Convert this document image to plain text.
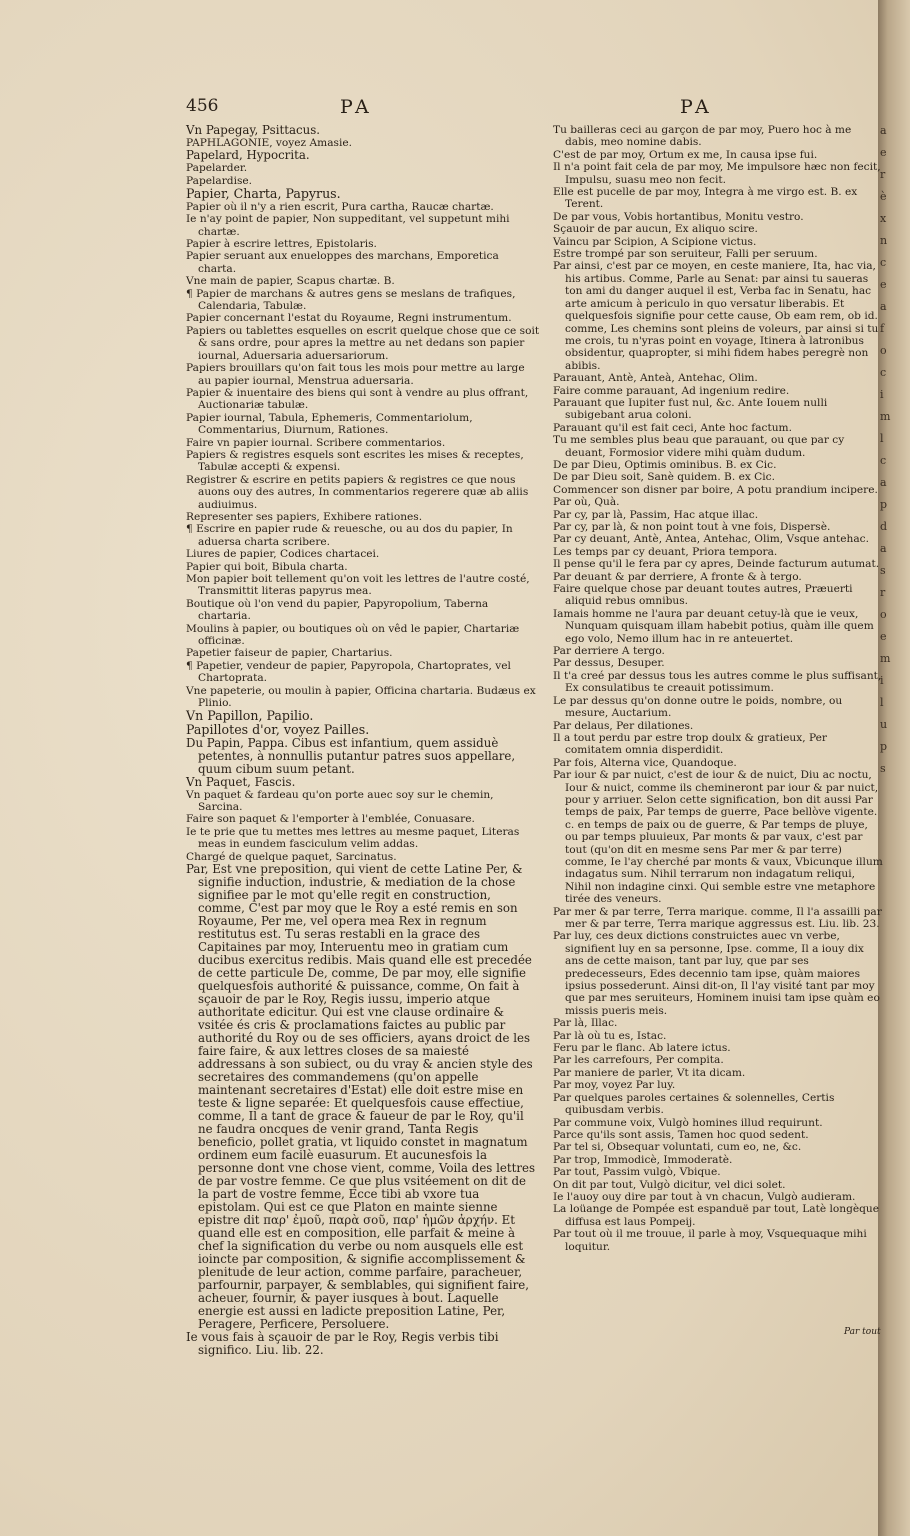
a
e
r
è
x
n
c
e
a
f
o
c
i
m
l
c
a
p
d
a
s
r
o
e
m
i
l
u
p
s
456	PA	PA

Vn Papegay, Psittacus.

PAPHLAGONIE, voyez Amasie.

Papelard, Hypocrita.

Papelarder.

Papelardise.

Papier, Charta, Papyrus.

Papier où il n'y a rien escrit, Pura cartha, Raucæ chartæ.

Ie n'ay point de papier, Non suppeditant, vel suppetunt mihi chartæ.

Papier à escrire lettres, Epistolaris.

Papier seruant aux enueloppes des marchans, Emporetica charta.

Vne main de papier, Scapus chartæ. B.

¶ Papier de marchans & autres gens se meslans de trafiques, Calendaria, Tabulæ.

Papier concernant l'estat du Royaume, Regni instrumentum.

Papiers ou tablettes esquelles on escrit quelque chose que ce soit & sans ordre, pour apres la mettre au net dedans son papier iournal, Aduersaria aduersariorum.

Papiers brouillars qu'on fait tous les mois pour mettre au large au papier iournal, Menstrua aduersaria.

Papier & inuentaire des biens qui sont à vendre au plus offrant, Auctionariæ tabulæ.

Papier iournal, Tabula, Ephemeris, Commentariolum, Commentarius, Diurnum, Rationes.

Faire vn papier iournal. Scribere commentarios.

Papiers & registres esquels sont escrites les mises & receptes, Tabulæ accepti & expensi.

Registrer & escrire en petits papiers & registres ce que nous auons ouy des autres, In commentarios regerere quæ ab aliis audiuimus.

Representer ses papiers, Exhibere rationes.

¶ Escrire en papier rude & reuesche, ou au dos du papier, In aduersa charta scribere.

Liures de papier, Codices chartacei.

Papier qui boit, Bibula charta.

Mon papier boit tellement qu'on voit les lettres de l'autre costé, Transmittit literas papyrus mea.

Boutique où l'on vend du papier, Papyropolium, Taberna chartaria.

Moulins à papier, ou boutiques où on vêd le papier, Chartariæ officinæ.

Papetier faiseur de papier, Chartarius.

¶ Papetier, vendeur de papier, Papyropola, Chartoprates, vel Chartoprata.

Vne papeterie, ou moulin à papier, Officina chartaria. Budæus ex Plinio.

Vn Papillon, Papilio.

Papillotes d'or, voyez Pailles.

Du Papin, Pappa. Cibus est infantium, quem assiduè petentes, à nonnullis putantur patres suos appellare, quum cibum suum petant.

Vn Paquet, Fascis.

Vn paquet & fardeau qu'on porte auec soy sur le chemin, Sarcina.

Faire son paquet & l'emporter à l'emblée, Conuasare.

Ie te prie que tu mettes mes lettres au mesme paquet, Literas meas in eundem fasciculum velim addas.

Chargé de quelque paquet, Sarcinatus.

Par, Est vne preposition, qui vient de cette Latine Per, & signifie induction, industrie, & mediation de la chose signifiee par le mot qu'elle regit en construction, comme, C'est par moy que le Roy a esté remis en son Royaume, Per me, vel opera mea Rex in regnum restitutus est. Tu seras restabli en la grace des Capitaines par moy, Interuentu meo in gratiam cum ducibus exercitus redibis. Mais quand elle est precedée de cette particule De, comme, De par moy, elle signifie quelquesfois authorité & puissance, comme, On fait à sçauoir de par le Roy, Regis iussu, imperio atque authoritate edicitur. Qui est vne clause ordinaire & vsitée és cris & proclamations faictes au public par authorité du Roy ou de ses officiers, ayans droict de les faire faire, & aux lettres closes de sa maiesté addressans à son subiect, ou du vray & ancien style des secretaires des commandemens (qu'on appelle maintenant secretaires d'Estat) elle doit estre mise en teste & ligne separée: Et quelquesfois cause effectiue, comme, Il a tant de grace & faueur de par le Roy, qu'il ne faudra oncques de venir grand, Tanta Regis beneficio, pollet gratia, vt liquido constet in magnatum ordinem eum facilè euasurum. Et aucunesfois la personne dont vne chose vient, comme, Voila des lettres de par vostre femme. Ce que plus vsitéement on dit de la part de vostre femme, Ecce tibi ab vxore tua epistolam. Qui est ce que Platon en mainte sienne epistre dit παρ' ἐμοῦ, παρὰ σοῦ, παρ' ἡμῶν ἀρχήν. Et quand elle est en composition, elle parfait & meine à chef la signification du verbe ou nom ausquels elle est ioincte par composition, & signifie accomplissement & plenitude de leur action, comme parfaire, paracheuer, parfournir, parpayer, & semblables, qui signifient faire, acheuer, fournir, & payer iusques à bout. Laquelle energie est aussi en ladicte preposition Latine, Per, Peragere, Perficere, Persoluere.

Ie vous fais à sçauoir de par le Roy, Regis verbis tibi significo. Liu. lib. 22.

Tu bailleras ceci au garçon de par moy, Puero hoc à me dabis, meo nomine dabis.

C'est de par moy, Ortum ex me, In causa ipse fui.

Il n'a point fait cela de par moy, Me impulsore hæc non fecit, Impulsu, suasu meo non fecit.

Elle est pucelle de par moy, Integra à me virgo est. B. ex Terent.

De par vous, Vobis hortantibus, Monitu vestro.

Sçauoir de par aucun, Ex aliquo scire.

Vaincu par Scipion, A Scipione victus.

Estre trompé par son seruiteur, Falli per seruum.

Par ainsi, c'est par ce moyen, en ceste maniere, Ita, hac via, his artibus. Comme, Parle au Senat: par ainsi tu saueras ton ami du danger auquel il est, Verba fac in Senatu, hac arte amicum à periculo in quo versatur liberabis. Et quelquesfois signifie pour cette cause, Ob eam rem, ob id. comme, Les chemins sont pleins de voleurs, par ainsi si tu me crois, tu n'yras point en voyage, Itinera à latronibus obsidentur, quapropter, si mihi fidem habes peregrè non abibis.

Parauant, Antè, Anteà, Antehac, Olim.

Faire comme parauant, Ad ingenium redire.

Parauant que Iupiter fust nul, &c. Ante Iouem nulli subigebant arua coloni.

Parauant qu'il est fait ceci, Ante hoc factum.

Tu me sembles plus beau que parauant, ou que par cy deuant, Formosior videre mihi quàm dudum.

De par Dieu, Optimis ominibus. B. ex Cic.

De par Dieu soit, Sanè quidem. B. ex Cic.

Commencer son disner par boire, A potu prandium incipere.

Par où, Quà.

Par cy, par là, Passim, Hac atque illac.

Par cy, par là, & non point tout à vne fois, Dispersè.

Par cy deuant, Antè, Antea, Antehac, Olim, Vsque antehac.

Les temps par cy deuant, Priora tempora.

Il pense qu'il le fera par cy apres, Deinde facturum autumat.

Par deuant & par derriere, A fronte & à tergo.

Faire quelque chose par deuant toutes autres, Præuerti aliquid rebus omnibus.

Iamais homme ne l'aura par deuant cetuy-là que ie veux, Nunquam quisquam illam habebit potius, quàm ille quem ego volo, Nemo illum hac in re anteuertet.

Par derriere A tergo.

Par dessus, Desuper.

Il t'a creé par dessus tous les autres comme le plus suffisant, Ex consulatibus te creauit potissimum.

Le par dessus qu'on donne outre le poids, nombre, ou mesure, Auctarium.

Par delaus, Per dilationes.

Il a tout perdu par estre trop doulx & gratieux, Per comitatem omnia disperdidit.

Par fois, Alterna vice, Quandoque.

Par iour & par nuict, c'est de iour & de nuict, Diu ac noctu, Iour & nuict, comme ils chemineront par iour & par nuict, pour y arriuer. Selon cette signification, bon dit aussi Par temps de paix, Par temps de guerre, Pace bellòve vigente. c. en temps de paix ou de guerre, & Par temps de pluye, ou par temps pluuieux, Par monts & par vaux, c'est par tout (qu'on dit en mesme sens Par mer & par terre) comme, Ie l'ay cherché par monts & vaux, Vbicunque illum indagatus sum. Nihil terrarum non indagatum reliqui, Nihil non indagine cinxi. Qui semble estre vne metaphore tirée des veneurs.

Par mer & par terre, Terra marique. comme, Il l'a assailli par mer & par terre, Terra marique aggressus est. Liu. lib. 23.

Par luy, ces deux dictions construictes auec vn verbe, signifient luy en sa personne, Ipse. comme, Il a iouy dix ans de cette maison, tant par luy, que par ses predecesseurs, Edes decennio tam ipse, quàm maiores ipsius possederunt. Ainsi dit-on, Il l'ay visité tant par moy que par mes seruiteurs, Hominem inuisi tam ipse quàm eo missis pueris meis.

Par là, Illac.

Par là où tu es, Istac.

Feru par le flanc. Ab latere ictus.

Par les carrefours, Per compita.

Par maniere de parler, Vt ita dicam.

Par moy, voyez Par luy.

Par quelques paroles certaines & solennelles, Certis quibusdam verbis.

Par commune voix, Vulgò homines illud requirunt.

Parce qu'ils sont assis, Tamen hoc quod sedent.

Par tel si, Obsequar voluntati, cum eo, ne, &c.

Par trop, Immodicè, Immoderatè.

Par tout, Passim vulgò, Vbique.

On dit par tout, Vulgò dicitur, vel dici solet.

Ie l'auoy ouy dire par tout à vn chacun, Vulgò audieram.

La loüange de Pompée est espanduë par tout, Latè longèque diffusa est laus Pompeij.

Par tout où il me trouue, il parle à moy, Vsquequaque mihi loquitur.

Par tout
